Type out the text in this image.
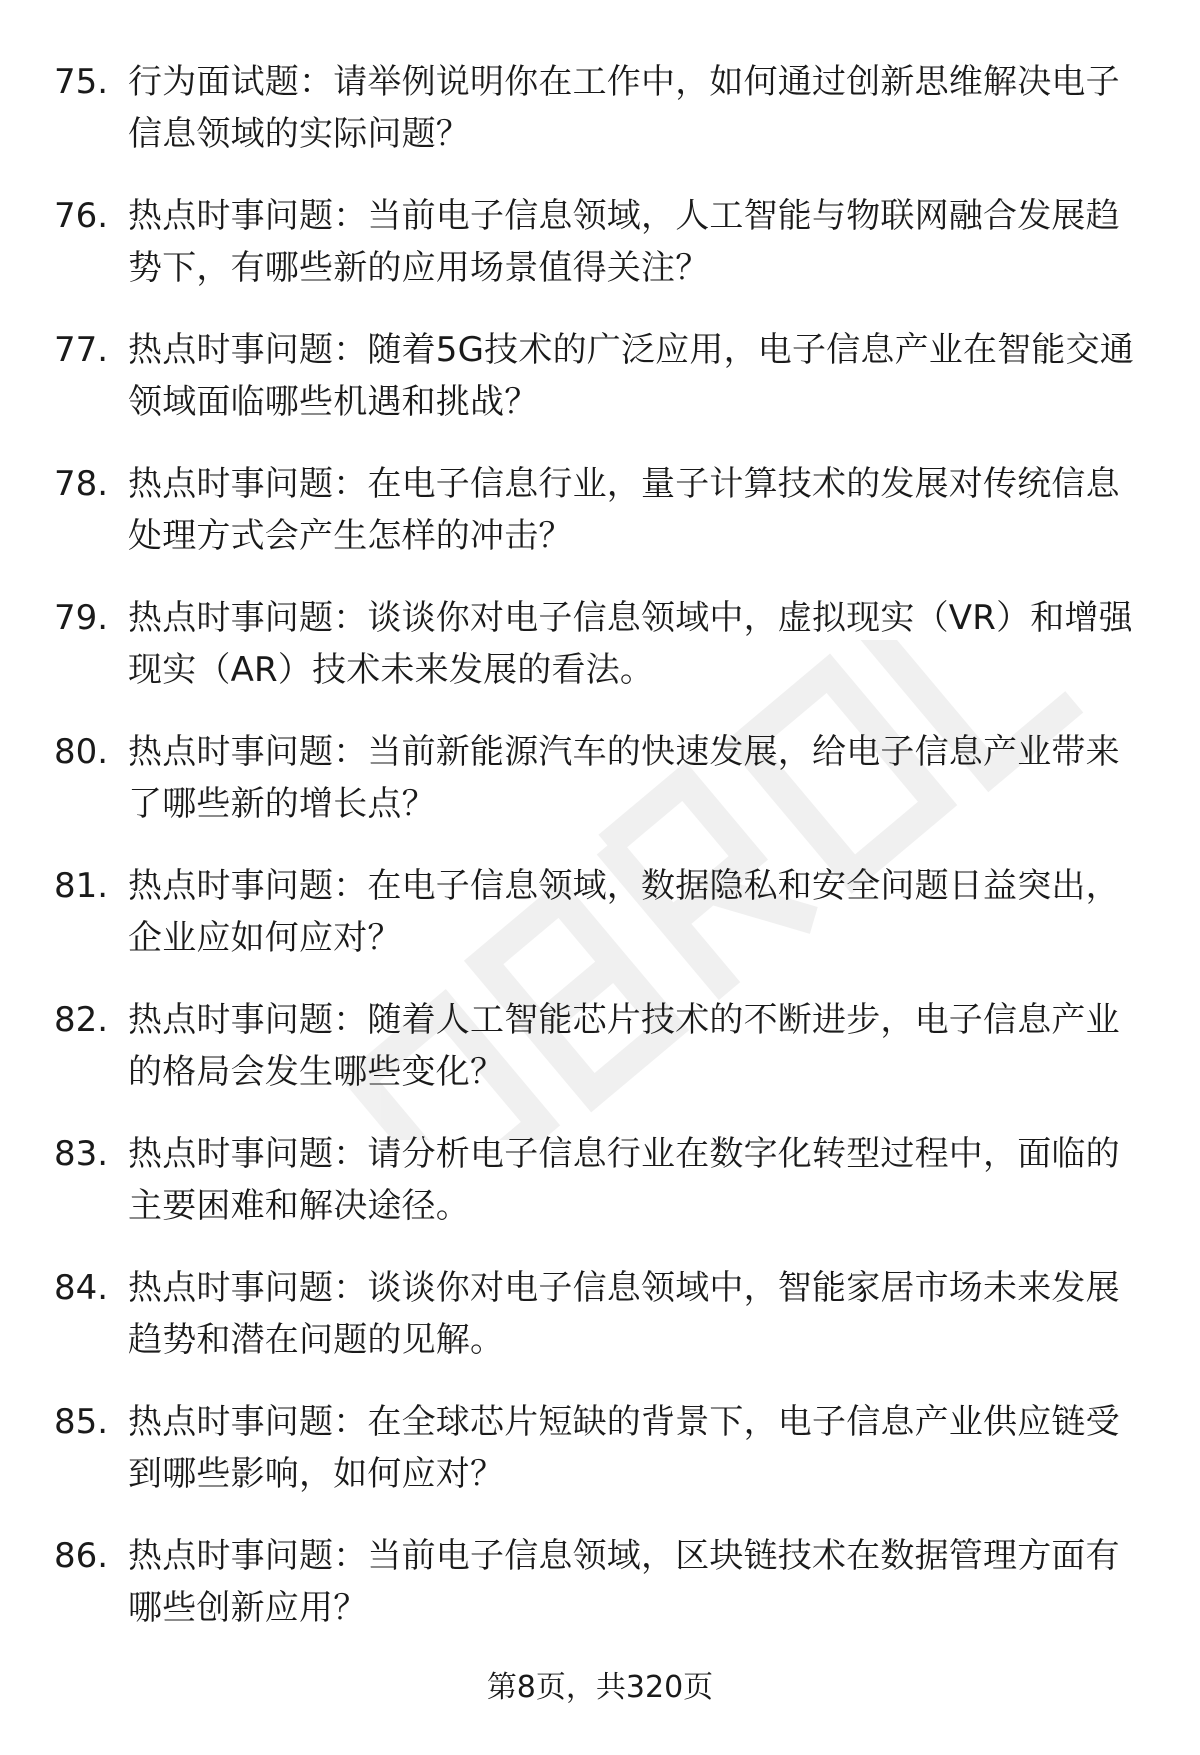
75. 行为面试题：请举例说明你在工作中，如何通过创新思维解决电子信息领域的实际问题？
76. 热点时事问题：当前电子信息领域，人工智能与物联网融合发展趋势下，有哪些新的应用场景值得关注？
77. 热点时事问题：随着5G技术的广泛应用，电子信息产业在智能交通领域面临哪些机遇和挑战？
78. 热点时事问题：在电子信息行业，量子计算技术的发展对传统信息处理方式会产生怎样的冲击？
79. 热点时事问题：谈谈你对电子信息领域中，虚拟现实（VR）和增强现实（AR）技术未来发展的看法。
80. 热点时事问题：当前新能源汽车的快速发展，给电子信息产业带来了哪些新的增长点？
81. 热点时事问题：在电子信息领域，数据隐私和安全问题日益突出，企业应如何应对？
82. 热点时事问题：随着人工智能芯片技术的不断进步，电子信息产业的格局会发生哪些变化？
83. 热点时事问题：请分析电子信息行业在数字化转型过程中，面临的主要困难和解决途径。
84. 热点时事问题：谈谈你对电子信息领域中，智能家居市场未来发展趋势和潜在问题的见解。
85. 热点时事问题：在全球芯片短缺的背景下，电子信息产业供应链受到哪些影响，如何应对？
86. 热点时事问题：当前电子信息领域，区块链技术在数据管理方面有哪些创新应用？
第8页，共320页
